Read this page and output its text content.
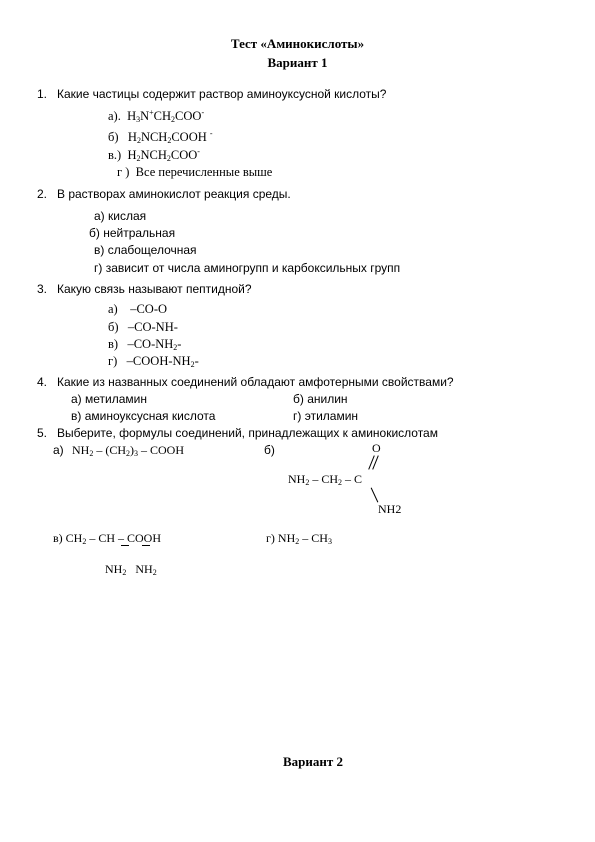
Тест «Аминокислоты»
Вариант 1
1. Какие частицы содержит раствор аминоуксусной кислоты?
а). $H_3N^+CH_2COO^-$
б) $H_2NCH_2COOH$ -
в.) $H_2NCH_2COO^-$
г ) Все перечисленные выше
2. В растворах аминокислот реакция среды.
а) кислая
б) нейтральная
в) слабощелочная
г) зависит от числа аминогрупп и карбоксильных групп
3. Какую связь называют пептидной?
а) –CO-O
б) –CO-NH-
в) $-CO-NH_2-$
г) $-COOH-NH_2-$
4. Какие из названных соединений обладают амфотерными свойствами?
а) метиламин	б) анилин
в) аминоуксусная кислота	г) этиламин
5. Выберите, формулы соединений, принадлежащих к аминокислотам
а) $NH_2 - (CH_2)_3$ – COOH	б)	O
$NH_2 - CH_2$ – C
NH2
в) $CH_2$ – CH – COOH
$NH_2$   $NH_2$
г) $NH_2 - CH_3$
Вариант 2
